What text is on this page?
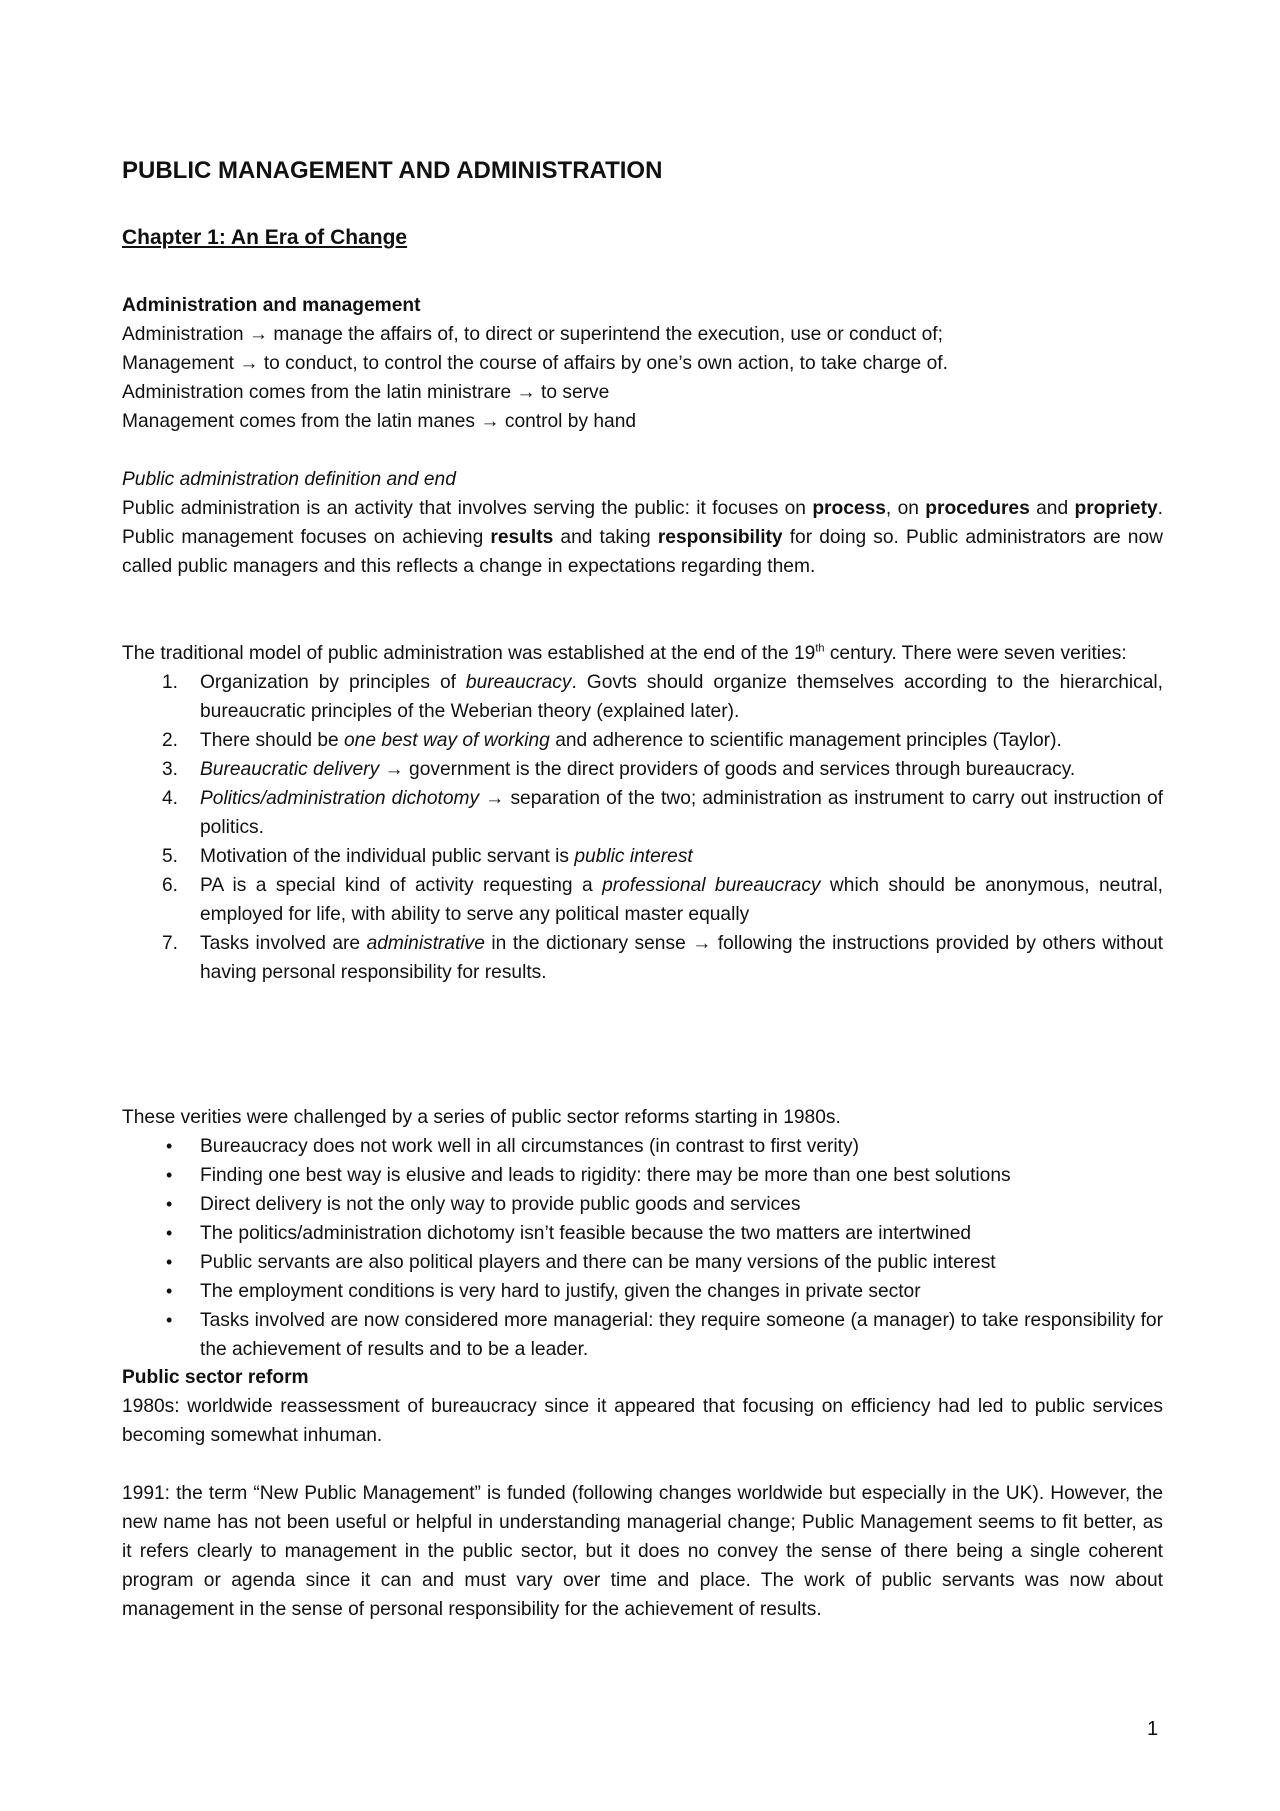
PUBLIC MANAGEMENT AND ADMINISTRATION
Chapter 1: An Era of Change
Administration and management
Administration → manage the affairs of, to direct or superintend the execution, use or conduct of;
Management → to conduct, to control the course of affairs by one’s own action, to take charge of.
Administration comes from the latin ministrare → to serve
Management comes from the latin manes → control by hand
Public administration definition and end

Public administration is an activity that involves serving the public: it focuses on process, on procedures and propriety. Public management focuses on achieving results and taking responsibility for doing so. Public administrators are now called public managers and this reflects a change in expectations regarding them.

The traditional model of public administration was established at the end of the 19th century. There were seven verities:

1. Organization by principles of bureaucracy. Govts should organize themselves according to the hierarchical, bureaucratic principles of the Weberian theory (explained later).
2. There should be one best way of working and adherence to scientific management principles (Taylor).
3. Bureaucratic delivery → government is the direct providers of goods and services through bureaucracy.
4. Politics/administration dichotomy → separation of the two; administration as instrument to carry out instruction of politics.
5. Motivation of the individual public servant is public interest
6. PA is a special kind of activity requesting a professional bureaucracy which should be anonymous, neutral, employed for life, with ability to serve any political master equally
7. Tasks involved are administrative in the dictionary sense → following the instructions provided by others without having personal responsibility for results.
These verities were challenged by a series of public sector reforms starting in 1980s.
• Bureaucracy does not work well in all circumstances (in contrast to first verity)
• Finding one best way is elusive and leads to rigidity: there may be more than one best solutions
• Direct delivery is not the only way to provide public goods and services
• The politics/administration dichotomy isn’t feasible because the two matters are intertwined
• Public servants are also political players and there can be many versions of the public interest
• The employment conditions is very hard to justify, given the changes in private sector
• Tasks involved are now considered more managerial: they require someone (a manager) to take responsibility for the achievement of results and to be a leader.
Public sector reform

1980s: worldwide reassessment of bureaucracy since it appeared that focusing on efficiency had led to public services becoming somewhat inhuman.

1991: the term “New Public Management” is funded (following changes worldwide but especially in the UK). However, the new name has not been useful or helpful in understanding managerial change; Public Management seems to fit better, as it refers clearly to management in the public sector, but it does no convey the sense of there being a single coherent program or agenda since it can and must vary over time and place. The work of public servants was now about management in the sense of personal responsibility for the achievement of results.

1
